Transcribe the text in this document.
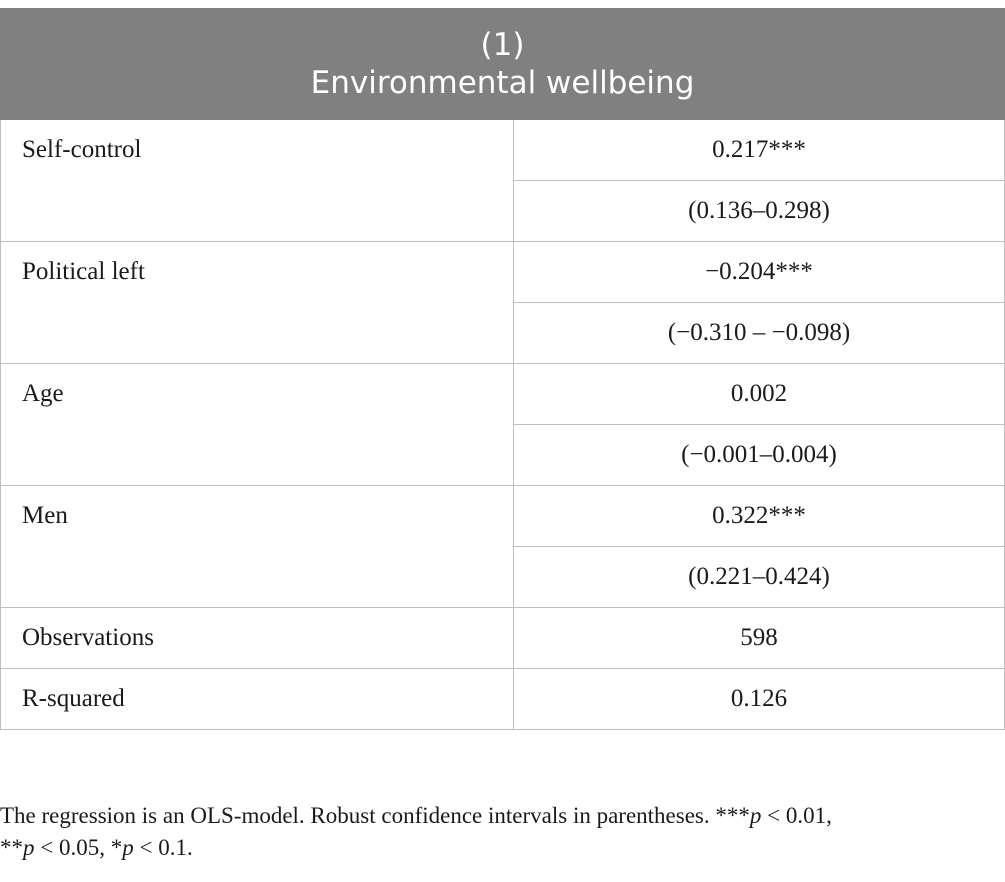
(1)
Environmental wellbeing	

Self-control	0.217***
	(0.136–0.298)
Political left	−0.204***
	(−0.310 – −0.098)
Age	0.002
	(−0.001–0.004)
Men	0.322***
	(0.221–0.424)
Observations	598
R-squared	0.126

The regression is an OLS-model. Robust confidence intervals in parentheses. ***p < 0.01,
**p < 0.05, *p < 0.1.
